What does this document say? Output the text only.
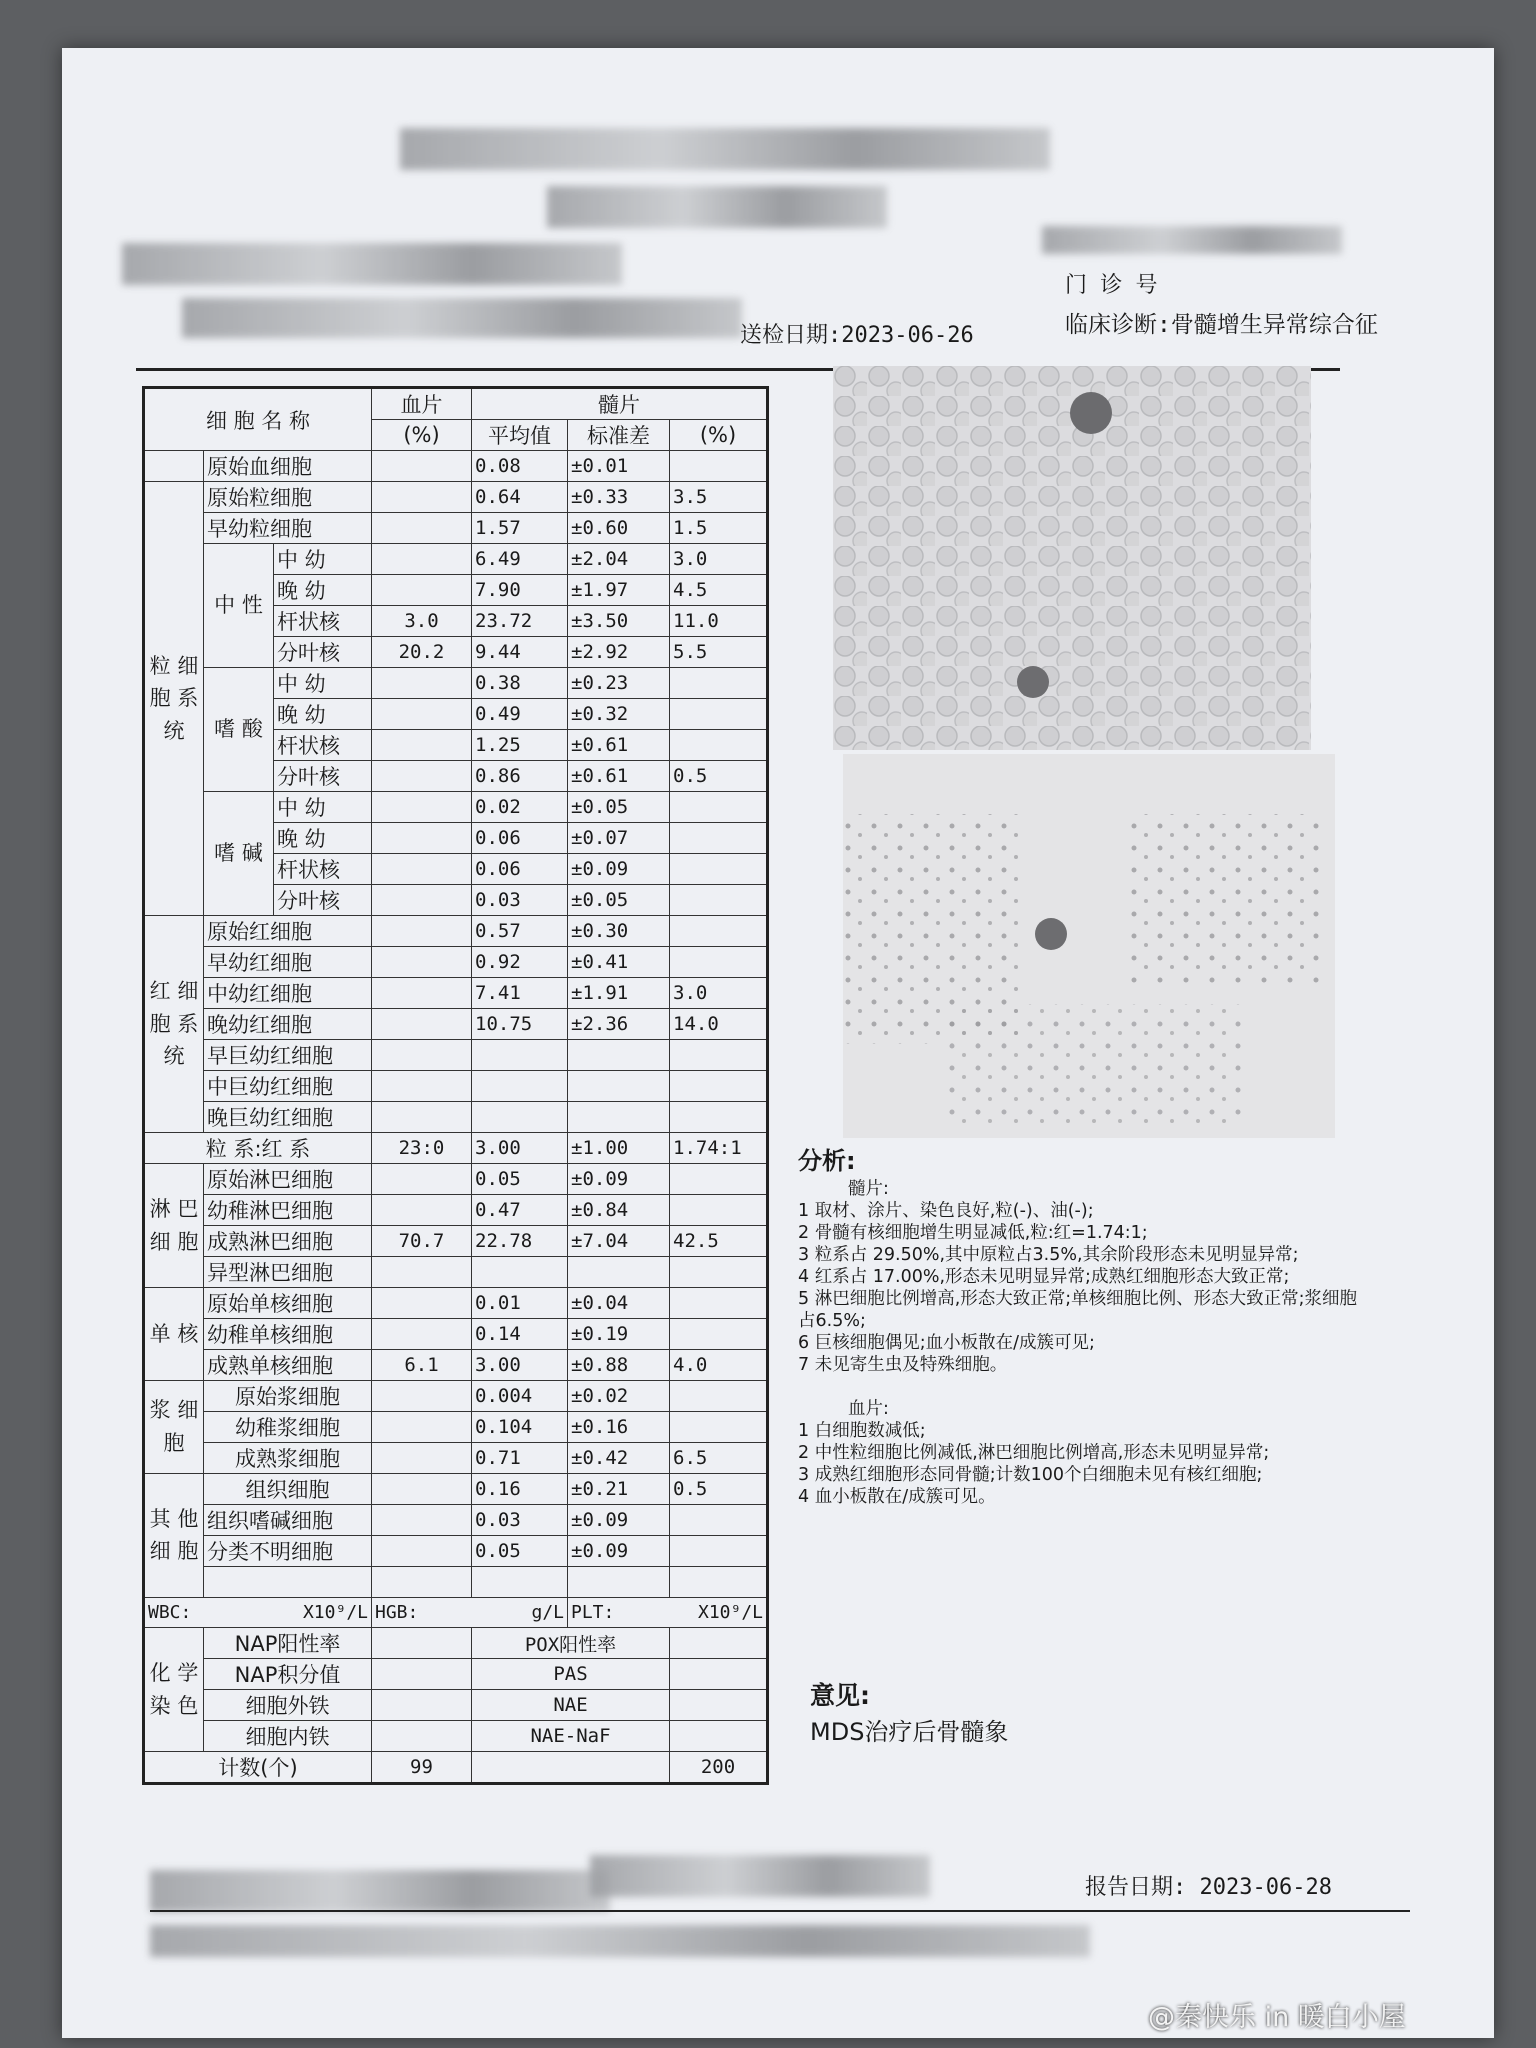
门 诊 号
送检日期:2023-06-26	临床诊断:骨髓增生异常综合征
细 胞 名 称			血片	髓片		
			(%)	平均值	标准差	(%)
	原始血细胞			0.08	±0.01	
粒 细 胞 系 统	原始粒细胞			0.64	±0.33	3.5
	早幼粒细胞			1.57	±0.60	1.5
	中 性	中 幼		6.49	±2.04	3.0
		晚 幼		7.90	±1.97	4.5
		杆状核	3.0	23.72	±3.50	11.0
		分叶核	20.2	9.44	±2.92	5.5
	嗜 酸	中 幼		0.38	±0.23	
		晚 幼		0.49	±0.32	
		杆状核		1.25	±0.61	
		分叶核		0.86	±0.61	0.5
	嗜 碱	中 幼		0.02	±0.05	
		晚 幼		0.06	±0.07	
		杆状核		0.06	±0.09	
		分叶核		0.03	±0.05	
红 细 胞 系 统	原始红细胞			0.57	±0.30	
	早幼红细胞			0.92	±0.41	
	中幼红细胞			7.41	±1.91	3.0
	晚幼红细胞			10.75	±2.36	14.0
	早巨幼红细胞					
	中巨幼红细胞					
	晚巨幼红细胞					
粒 系:红 系			23:0	3.00	±1.00	1.74:1
淋 巴 细 胞	原始淋巴细胞			0.05	±0.09	
	幼稚淋巴细胞			0.47	±0.84	
	成熟淋巴细胞		70.7	22.78	±7.04	42.5
	异型淋巴细胞					
单 核	原始单核细胞			0.01	±0.04	
	幼稚单核细胞			0.14	±0.19	
	成熟单核细胞		6.1	3.00	±0.88	4.0
浆 细 胞	原始浆细胞			0.004	±0.02	
	幼稚浆细胞			0.104	±0.16	
	成熟浆细胞			0.71	±0.42	6.5
其 他 细 胞	组织细胞			0.16	±0.21	0.5
	组织嗜碱细胞			0.03	±0.09	
	分类不明细胞			0.05	±0.09	

WBC: X10⁹/L			HGB: g/L		PLT: X10⁹/L	

化 学 染 色	NAP阳性率			POX阳性率		
	NAP积分值			PAS		
	细胞外铁			NAE		
	细胞内铁			NAE-NaF		
计数(个)			99			200
分析:

髓片:

1 取材、涂片、染色良好,粒(-)、油(-);

2 骨髓有核细胞增生明显减低,粒:红=1.74:1;

3 粒系占 29.50%,其中原粒占3.5%,其余阶段形态未见明显异常;

4 红系占 17.00%,形态未见明显异常;成熟红细胞形态大致正常;

5 淋巴细胞比例增高,形态大致正常;单核细胞比例、形态大致正常;浆细胞占6.5%;

6 巨核细胞偶见;血小板散在/成簇可见;

7 未见寄生虫及特殊细胞。

血片:

1 白细胞数减低;

2 中性粒细胞比例减低,淋巴细胞比例增高,形态未见明显异常;

3 成熟红细胞形态同骨髓;计数100个白细胞未见有核红细胞;

4 血小板散在/成簇可见。

意见:
MDS治疗后骨髓象
报告日期: 2023-06-28
@秦快乐 in 暖白小屋
